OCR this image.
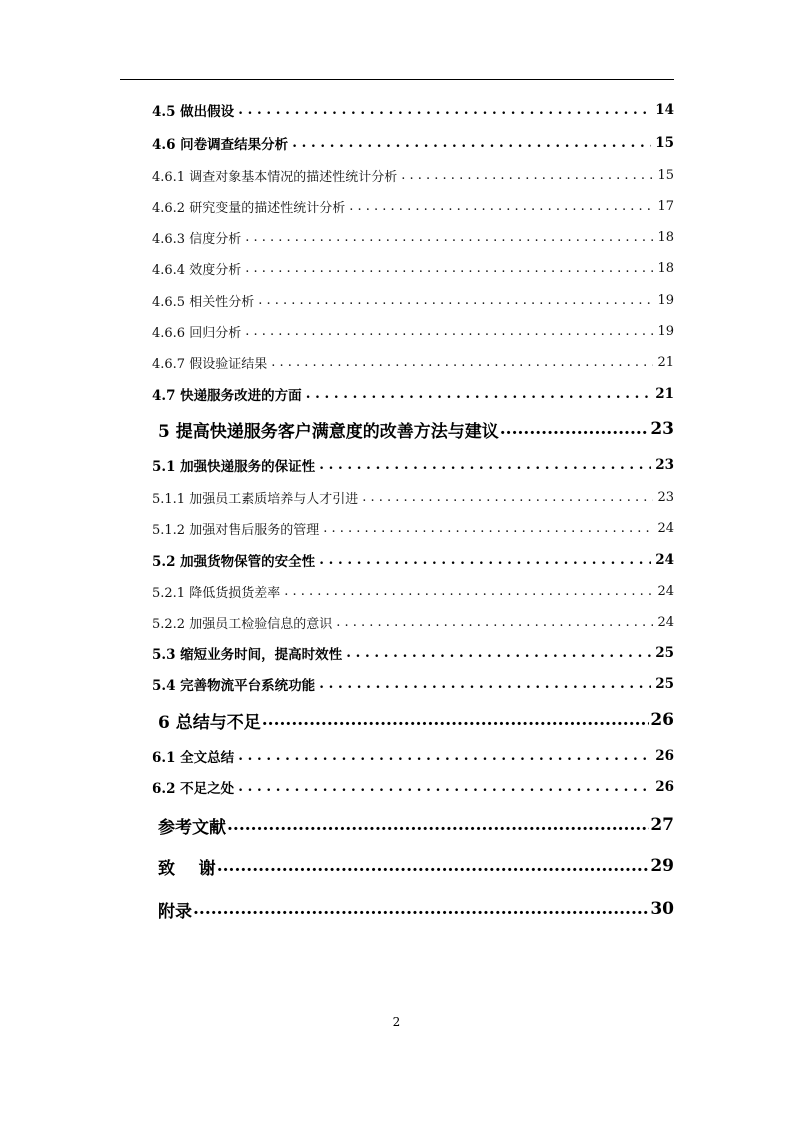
4.5 做出假设 . . .	14
4.6 问卷调查结果分析 . . .	15
4.6.1 调查对象基本情况的描述性统计分析 . . .	15
4.6.2 研究变量的描述性统计分析 . . .	17
4.6.3 信度分析 . . .	18
4.6.4 效度分析 . . .	18
4.6.5 相关性分析 . . .	19
4.6.6 回归分析 . . .	19
4.6.7 假设验证结果 . . .	21
4.7 快递服务改进的方面 . . .	21
5 提高快递服务客户满意度的改善方法与建议 .....	23
5.1 加强快递服务的保证性 . . .	23
5.1.1 加强员工素质培养与人才引进 . . .	23
5.1.2 加强对售后服务的管理 . . .	24
5.2 加强货物保管的安全性 . . .	24
5.2.1 降低货损货差率 . . .	24
5.2.2 加强员工检验信息的意识 . . .	24
5.3 缩短业务时间，提高时效性 . . .	25
5.4 完善物流平台系统功能 . . .	25
6 总结与不足 .....	26
6.1 全文总结 . . .	26
6.2 不足之处 . . .	26
参考文献 .....	27
致    谢 .....	29
附录 .....	30
2
